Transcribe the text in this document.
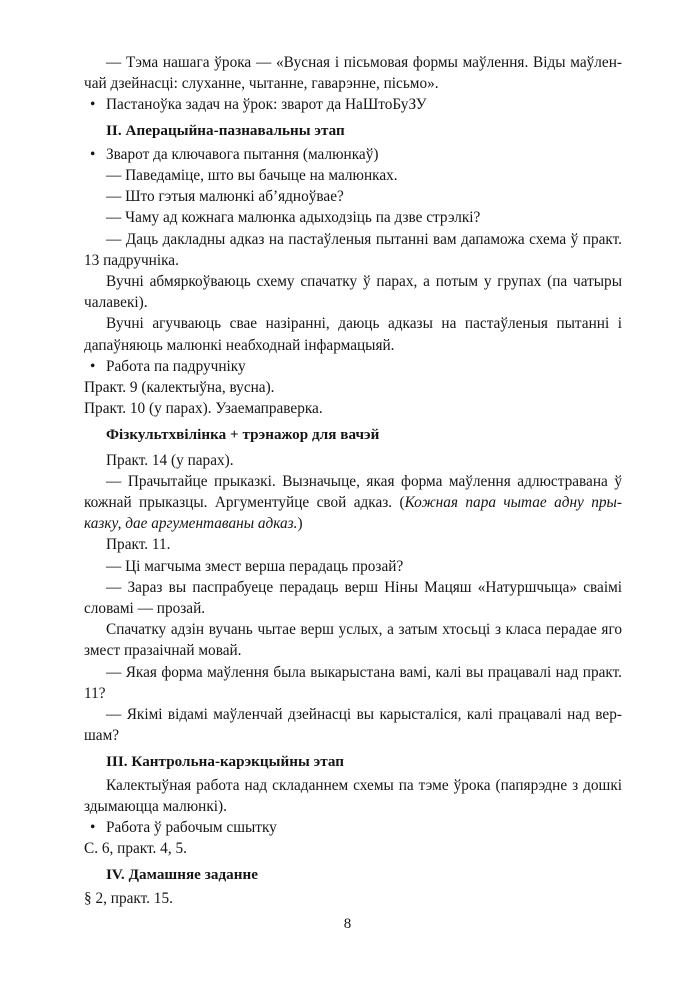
— Тэма нашага ўрока — «Вусная і пісьмовая формы маўлення. Віды маўленчай дзейнасці: слуханне, чытанне, гаварэнне, пісьмо».

• Пастаноўка задач на ўрок: зварот да НаШтоБуЗУ

II. Аперацыйна-пазнавальны этап

• Зварот да ключавога пытання (малюнкаў)

— Паведаміце, што вы бачыце на малюнках.

— Што гэтыя малюнкі аб’ядноўвае?

— Чаму ад кожнага малюнка адыходзіць па дзве стрэлкі?

— Даць дакладны адказ на пастаўленыя пытанні вам дапаможа схема ў практ. 13 падручніка.

Вучні абмяркоўваюць схему спачатку ў парах, а потым у групах (па чатыры чалавекі).

Вучні агучваюць свае назіранні, даюць адказы на пастаўленыя пытанні і дапаўняюць малюнкі неабходнай інфармацыяй.

• Работа па падручніку

Практ. 9 (калектыўна, вусна).

Практ. 10 (у парах). Узаемаправерка.

Фізкультхвілінка + трэнажор для вачэй

Практ. 14 (у парах).

— Прачытайце прыказкі. Вызначыце, якая форма маўлення адлюстравана ў кожнай прыказцы. Аргументуйце свой адказ. (Кожная пара чытае адну прыказку, дае аргументаваны адказ.)

Практ. 11.

— Ці магчыма змест верша перадаць прозай?

— Зараз вы паспрабуеце перадаць верш Ніны Мацяш «Натуршчыца» сваімі словамі — прозай.

Спачатку адзін вучань чытае верш услых, а затым хтосьці з класа перадае яго змест празаічнай мовай.

— Якая форма маўлення была выкарыстана вамі, калі вы працавалі над практ. 11?

— Якімі відамі маўленчай дзейнасці вы карысталіся, калі працавалі над вершам?

III. Кантрольна-карэкцыйны этап

Калектыўная работа над складаннем схемы па тэме ўрока (папярэдне з дошкі здымаюцца малюнкі).

• Работа ў рабочым сшытку

С. 6, практ. 4, 5.

IV. Дамашняе заданне

§ 2, практ. 15.

8
